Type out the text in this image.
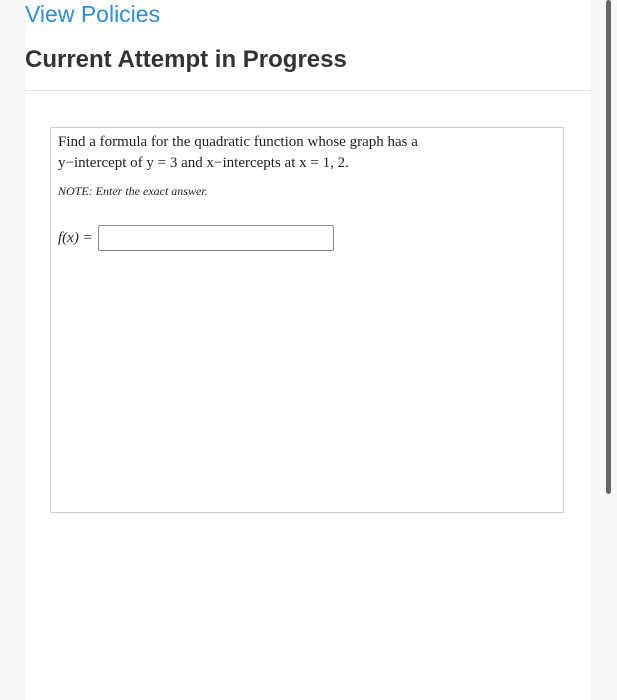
View Policies
Current Attempt in Progress
Find a formula for the quadratic function whose graph has a
y−intercept of y = 3 and x−intercepts at x = 1, 2.
NOTE: Enter the exact answer.
f(x) =
